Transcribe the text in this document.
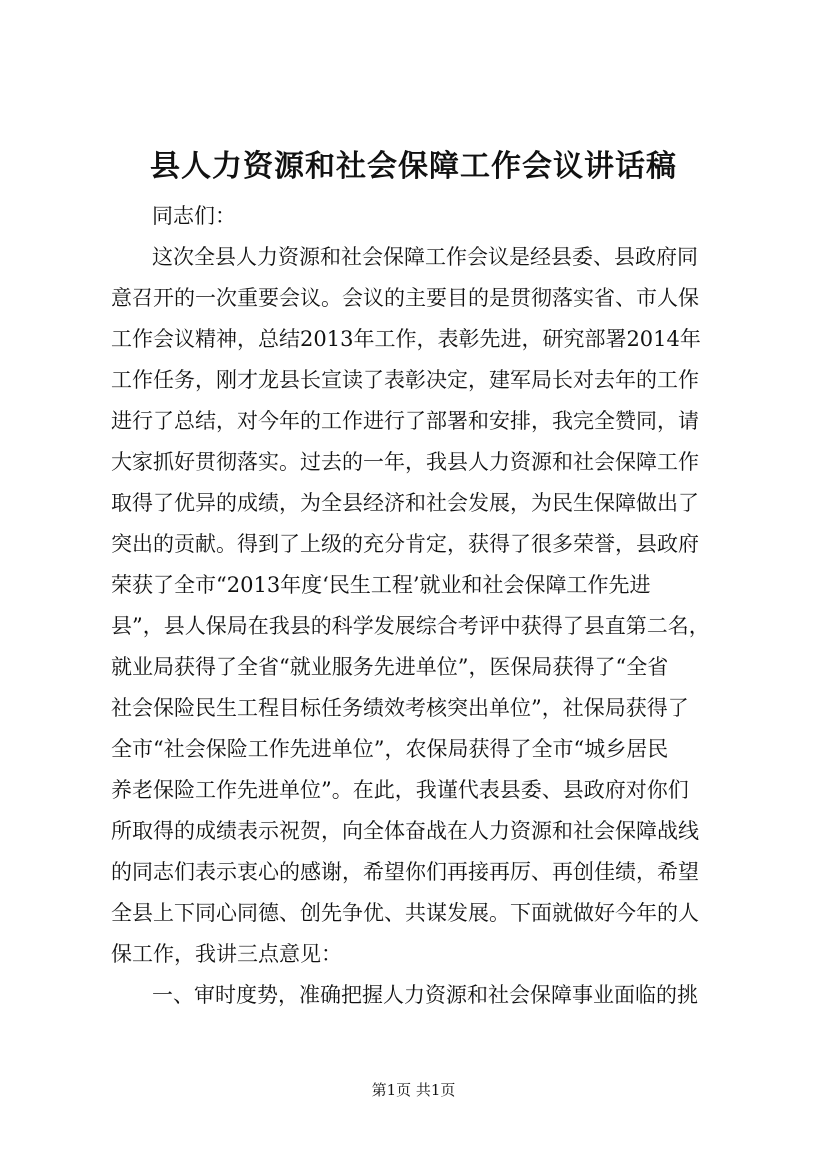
县人力资源和社会保障工作会议讲话稿
同志们：
这次全县人力资源和社会保障工作会议是经县委、县政府同
意召开的一次重要会议。会议的主要目的是贯彻落实省、市人保
工作会议精神，总结2013年工作，表彰先进，研究部署2014年
工作任务，刚才龙县长宣读了表彰决定，建军局长对去年的工作
进行了总结，对今年的工作进行了部署和安排，我完全赞同，请
大家抓好贯彻落实。过去的一年，我县人力资源和社会保障工作
取得了优异的成绩，为全县经济和社会发展，为民生保障做出了
突出的贡献。得到了上级的充分肯定，获得了很多荣誉，县政府
荣获了全市“2013年度‘民生工程’就业和社会保障工作先进
县”，县人保局在我县的科学发展综合考评中获得了县直第二名，
就业局获得了全省“就业服务先进单位”，医保局获得了“全省
社会保险民生工程目标任务绩效考核突出单位”，社保局获得了
全市“社会保险工作先进单位”，农保局获得了全市“城乡居民
养老保险工作先进单位”。在此，我谨代表县委、县政府对你们
所取得的成绩表示祝贺，向全体奋战在人力资源和社会保障战线
的同志们表示衷心的感谢，希望你们再接再厉、再创佳绩，希望
全县上下同心同德、创先争优、共谋发展。下面就做好今年的人
保工作，我讲三点意见：
一、审时度势，准确把握人力资源和社会保障事业面临的挑
第1页 共1页
